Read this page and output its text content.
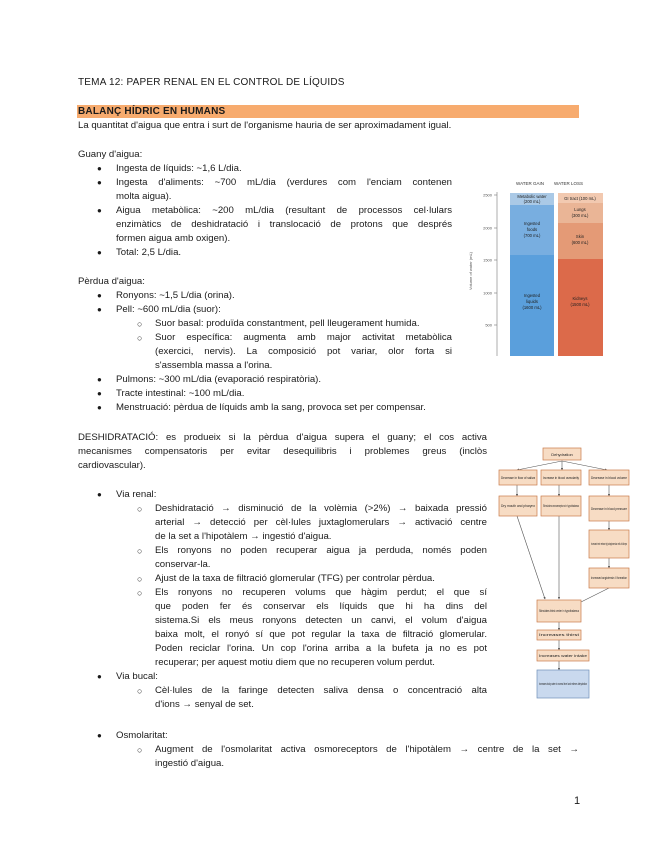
TEMA 12: PAPER RENAL EN EL CONTROL DE LÍQUIDS
BALANÇ HÍDRIC EN HUMANS
La quantitat d'aigua que entra i surt de l'organisme hauria de ser aproximadament igual.
Guany d'aigua:
● Ingesta de líquids: ~1,6 L/dia.
● Ingesta d'aliments: ~700 mL/dia (verdures com l'enciam contenen
molta aigua).
● Aigua metabòlica: ~200 mL/dia (resultant de processos cel·lulars
enzimàtics de deshidratació i translocació de protons que després
formen aigua amb oxigen).
● Total: 2,5 L/dia.
Pèrdua d'aigua:
● Ronyons: ~1,5 L/dia (orina).
● Pell: ~600 mL/dia (suor):
○ Suor basal: produïda constantment, pell lleugerament humida.
○ Suor específica: augmenta amb major activitat metabòlica
(exercici, nervis). La composició pot variar, olor forta si
s'assembla massa a l'orina.
● Pulmons: ~300 mL/dia (evaporació respiratòria).
● Tracte intestinal: ~100 mL/dia.
● Menstruació: pèrdua de líquids amb la sang, provoca set per compensar.
DESHIDRATACIÓ: es produeix si la pèrdua d'aigua supera el guany; el cos activa
mecanismes compensatoris per evitar desequilibris i problemes greus (inclòs
cardiovascular).
● Via renal:
○ Deshidratació → disminució de la volèmia (>2%) → baixada pressió
arterial → detecció per cèl·lules juxtaglomerulars → activació centre
de la set a l'hipotàlem → ingestió d'aigua.
○ Els ronyons no poden recuperar aigua ja perduda, només poden
conservar-la.
○ Ajust de la taxa de filtració glomerular (TFG) per controlar pèrdua.
○ Els ronyons no recuperen volums que hàgim perdut; el que sí
que poden fer és conservar els líquids que hi ha dins del
sistema.Si els meus ronyons detecten un canvi, el volum d'aigua
baixa molt, el ronyó sí que pot regular la taxa de filtració glomerular.
Poden reciclar l'orina. Un cop l'orina arriba a la bufeta ja no es pot
recuperar; per aquest motiu diem que no recuperen volum perdut.
● Via bucal:
○ Cèl·lules de la faringe detecten saliva densa o concentració alta
d'ions → senyal de set.
● Osmolaritat:
○ Augment de l'osmolaritat activa osmoreceptors de l'hipotàlem → centre de la set →
ingestió d'aigua.
WATER GAIN WATER LOSS
Volume of water (mL)
2500
2000
1500
1000
500
Metabolic water
(200 mL)
Ingested
foods
(700 mL)
Ingested
liquids
(1600 mL)
GI tract (100 mL)
Lungs
(300 mL)
Skin
(600 mL)
Kidneys
(1500 mL)
Dehydration
Decrease in flow of saliva Increase in blood osmolarity	Decrease in blood volume
Dry mouth and pharynx Stimulates osmoreceptors in hypothalamus
Decrease in blood pressure
Increased renin release by juxtaglomerular cells of kidneys
Increased angiotensin II formation
Stimulates thirst center in hypothalamus
Increases thirst
Increases water intake
Increases body water to normal level and relieves dehydration
1
